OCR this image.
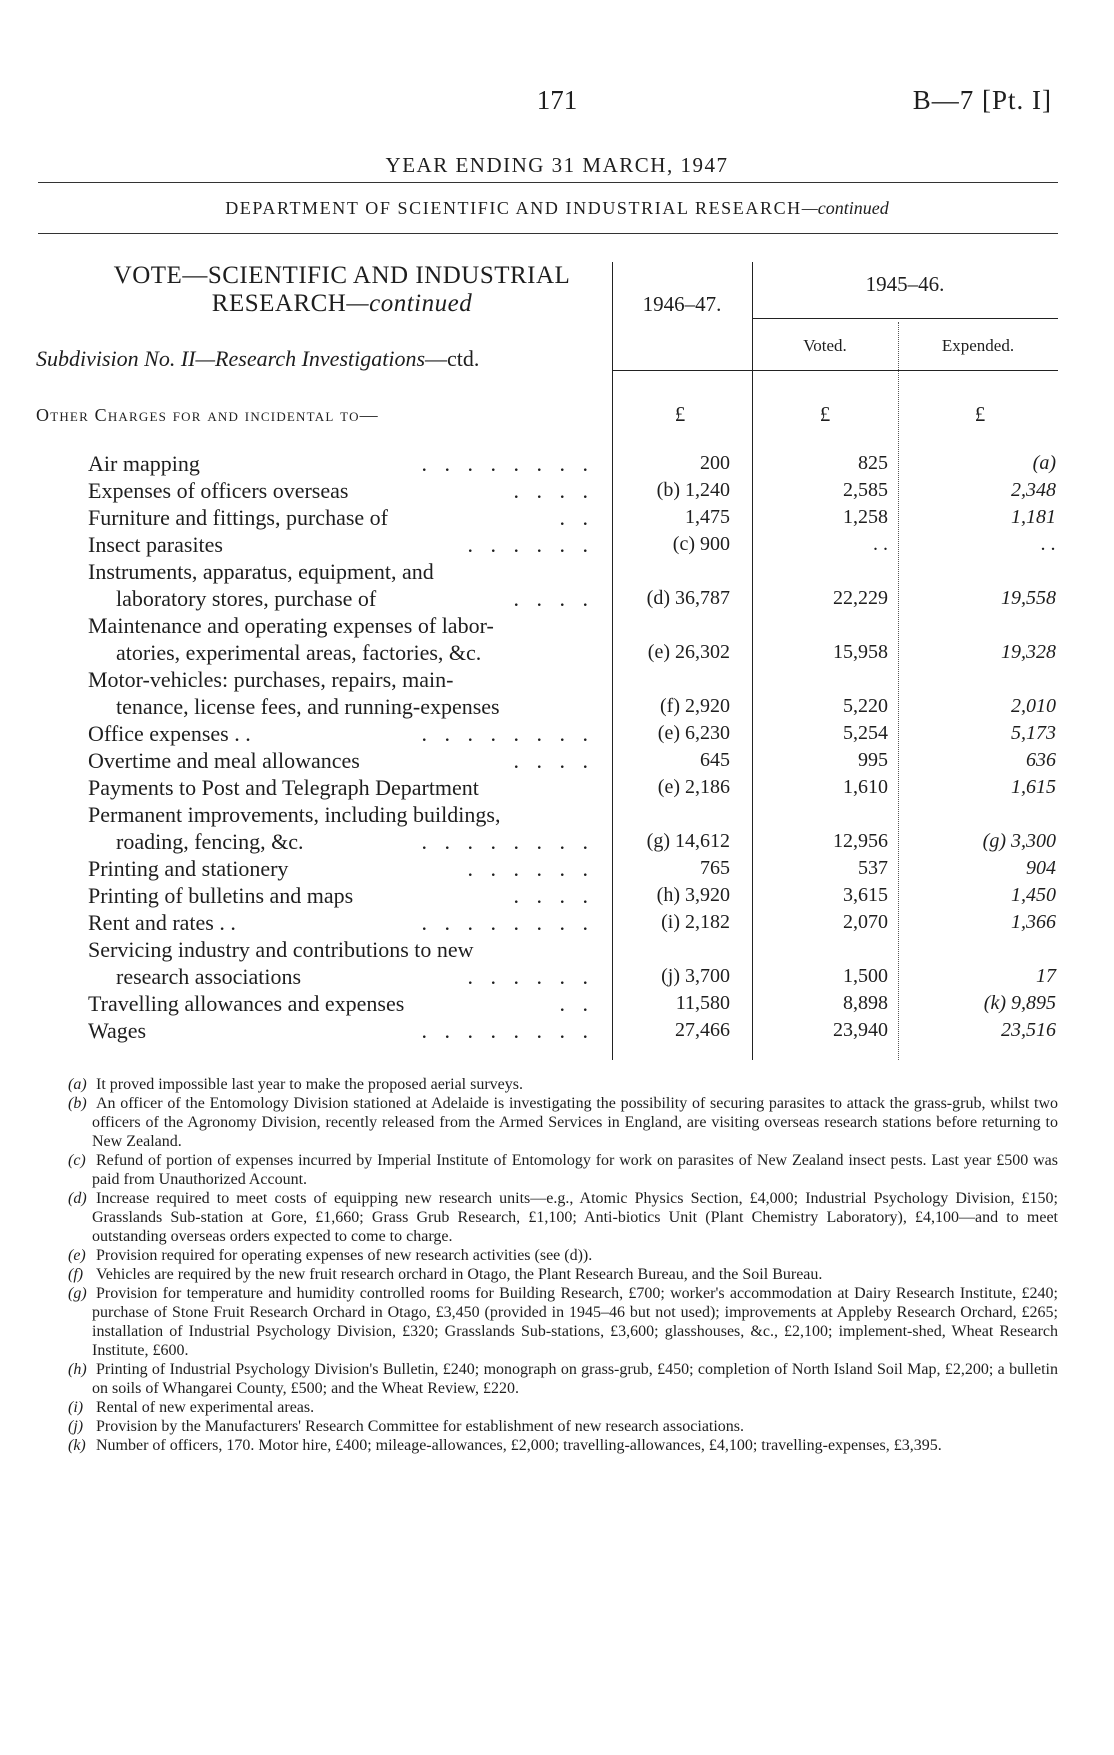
171	B—7 [Pt. I]
YEAR ENDING 31 MARCH, 1947
DEPARTMENT OF SCIENTIFIC AND INDUSTRIAL RESEARCH—continued
VOTE—SCIENTIFIC AND INDUSTRIAL
RESEARCH—continued
Subdivision No. II—Research Investigations—ctd.
1946–47.
1945–46.
Voted.	Expended.
Other Charges for and incidental to—	£	£	£
Air mapping	. . . . . . . .	200	825	(a)
Expenses of officers overseas	. . . .	(b) 1,240	2,585	2,348
Furniture and fittings, purchase of	. .	1,475	1,258	1,181
Insect parasites	. . . . . .	(c) 900	. .	. .
Instruments, apparatus, equipment, and
laboratory stores, purchase of	. . . .	(d) 36,787	22,229	19,558
Maintenance and operating expenses of labor-
atories, experimental areas, factories, &c.	(e) 26,302	15,958	19,328
Motor-vehicles: purchases, repairs, main-
tenance, license fees, and running-expenses	(f) 2,920	5,220	2,010
Office expenses . .	. . . . . . . .	(e) 6,230	5,254	5,173
Overtime and meal allowances	. . . .	645	995	636
Payments to Post and Telegraph Department	(e) 2,186	1,610	1,615
Permanent improvements, including buildings,
roading, fencing, &c.	. . . . . . . .	(g) 14,612	12,956	(g) 3,300
Printing and stationery	. . . . . .	765	537	904
Printing of bulletins and maps	. . . .	(h) 3,920	3,615	1,450
Rent and rates . .	. . . . . . . .	(i) 2,182	2,070	1,366
Servicing industry and contributions to new
research associations	. . . . . .	(j) 3,700	1,500	17
Travelling allowances and expenses	. .	11,580	8,898	(k) 9,895
Wages	. . . . . . . .	27,466	23,940	23,516
(a) It proved impossible last year to make the proposed aerial surveys.
(b) An officer of the Entomology Division stationed at Adelaide is investigating the possibility of securing parasites to attack the grass-grub, whilst two officers of the Agronomy Division, recently released from the Armed Services in England, are visiting overseas research stations before returning to New Zealand.
(c) Refund of portion of expenses incurred by Imperial Institute of Entomology for work on parasites of New Zealand insect pests. Last year £500 was paid from Unauthorized Account.
(d) Increase required to meet costs of equipping new research units—e.g., Atomic Physics Section, £4,000; Industrial Psychology Division, £150; Grasslands Sub-station at Gore, £1,660; Grass Grub Research, £1,100; Anti-biotics Unit (Plant Chemistry Laboratory), £4,100—and to meet outstanding overseas orders expected to come to charge.
(e) Provision required for operating expenses of new research activities (see (d)).
(f) Vehicles are required by the new fruit research orchard in Otago, the Plant Research Bureau, and the Soil Bureau.
(g) Provision for temperature and humidity controlled rooms for Building Research, £700; worker's accommodation at Dairy Research Institute, £240; purchase of Stone Fruit Research Orchard in Otago, £3,450 (provided in 1945–46 but not used); improvements at Appleby Research Orchard, £265; installation of Industrial Psychology Division, £320; Grasslands Sub-stations, £3,600; glasshouses, &c., £2,100; implement-shed, Wheat Research Institute, £600.
(h) Printing of Industrial Psychology Division's Bulletin, £240; monograph on grass-grub, £450; completion of North Island Soil Map, £2,200; a bulletin on soils of Whangarei County, £500; and the Wheat Review, £220.
(i) Rental of new experimental areas.
(j) Provision by the Manufacturers' Research Committee for establishment of new research associations.
(k) Number of officers, 170. Motor hire, £400; mileage-allowances, £2,000; travelling-allowances, £4,100; travelling-expenses, £3,395.
